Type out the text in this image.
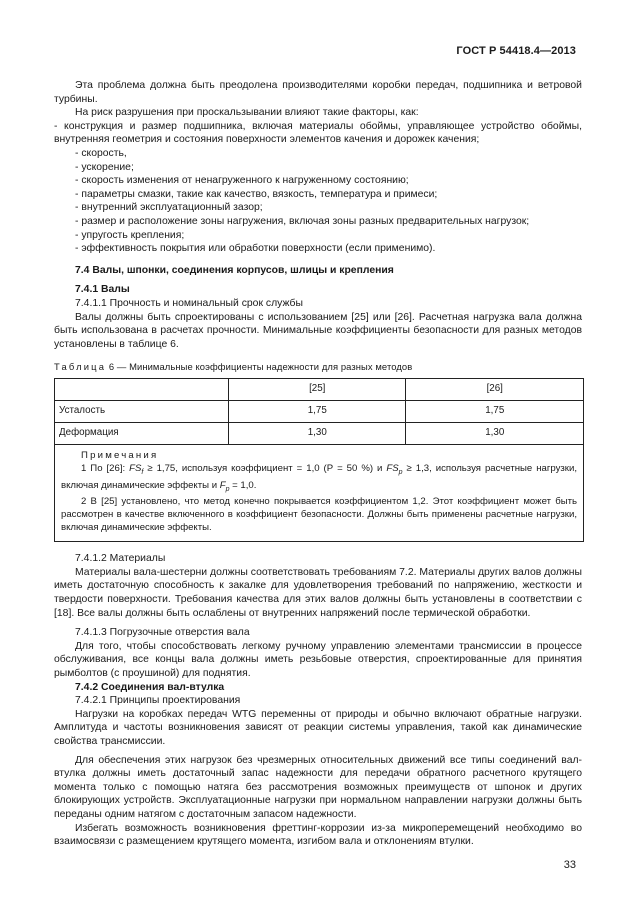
ГОСТ Р 54418.4—2013

Эта проблема должна быть преодолена производителями коробки передач, подшипника и ветровой турбины.

На риск разрушения при проскальзывании влияют такие факторы, как:

- конструкция и размер подшипника, включая материалы обоймы, управляющее устройство обоймы, внутренняя геометрия и состояния поверхности элементов качения и дорожек качения;

- скорость,

- ускорение;

- скорость изменения от ненагруженного к нагруженному состоянию;

- параметры смазки, такие как качество, вязкость, температура и примеси;

- внутренний эксплуатационный зазор;

- размер и расположение зоны нагружения, включая зоны разных предварительных нагрузок;

- упругость крепления;

- эффективность покрытия или обработки поверхности (если применимо).

7.4 Валы, шпонки, соединения корпусов, шлицы и крепления

7.4.1 Валы

7.4.1.1 Прочность и номинальный срок службы

Валы должны быть спроектированы с использованием [25] или [26]. Расчетная нагрузка вала должна быть использована в расчетах прочности. Минимальные коэффициенты безопасности для разных методов установлены в таблице 6.

Таблица 6 — Минимальные коэффициенты надежности для разных методов
	[25]	[26]
Усталость	1,75	1,75
Деформация	1,30	1,30

Примечания
1 По [26]: $FS_f \ge 1,75$, используя коэффициент = 1,0 (Р = 50 %) и $FS_p \ge 1,3$, используя расчетные нагрузки, включая динамические эффекты и $F_p = 1,0$.
2 В [25] установлено, что метод конечно покрывается коэффициентом 1,2. Этот коэффициент может быть рассмотрен в качестве включенного в коэффициент безопасности. Должны быть применены расчетные нагрузки, включая динамические эффекты.		

7.4.1.2 Материалы

Материалы вала-шестерни должны соответствовать требованиям 7.2. Материалы других валов должны иметь достаточную способность к закалке для удовлетворения требований по напряжению, жесткости и твердости поверхности. Требования качества для этих валов должны быть установлены в соответствии с [18]. Все валы должны быть ослаблены от внутренних напряжений после термической обработки.

7.4.1.3 Погрузочные отверстия вала

Для того, чтобы способствовать легкому ручному управлению элементами трансмиссии в процессе обслуживания, все концы вала должны иметь резьбовые отверстия, спроектированные для принятия рымболтов (с проушиной) для поднятия.

7.4.2 Соединения вал-втулка

7.4.2.1 Принципы проектирования

Нагрузки на коробках передач WTG переменны от природы и обычно включают обратные нагрузки. Амплитуда и частоты возникновения зависят от реакции системы управления, такой как динамические свойства трансмиссии.

Для обеспечения этих нагрузок без чрезмерных относительных движений все типы соединений вал-втулка должны иметь достаточный запас надежности для передачи обратного расчетного крутящего момента только с помощью натяга без рассмотрения возможных преимуществ от шпонок и других блокирующих устройств. Эксплуатационные нагрузки при нормальном направлении нагрузки должны быть переданы одним натягом с достаточным запасом надежности.

Избегать возможность возникновения фреттинг-коррозии из-за микроперемещений необходимо во взаимосвязи с размещением крутящего момента, изгибом вала и отклонениям втулки.

33
